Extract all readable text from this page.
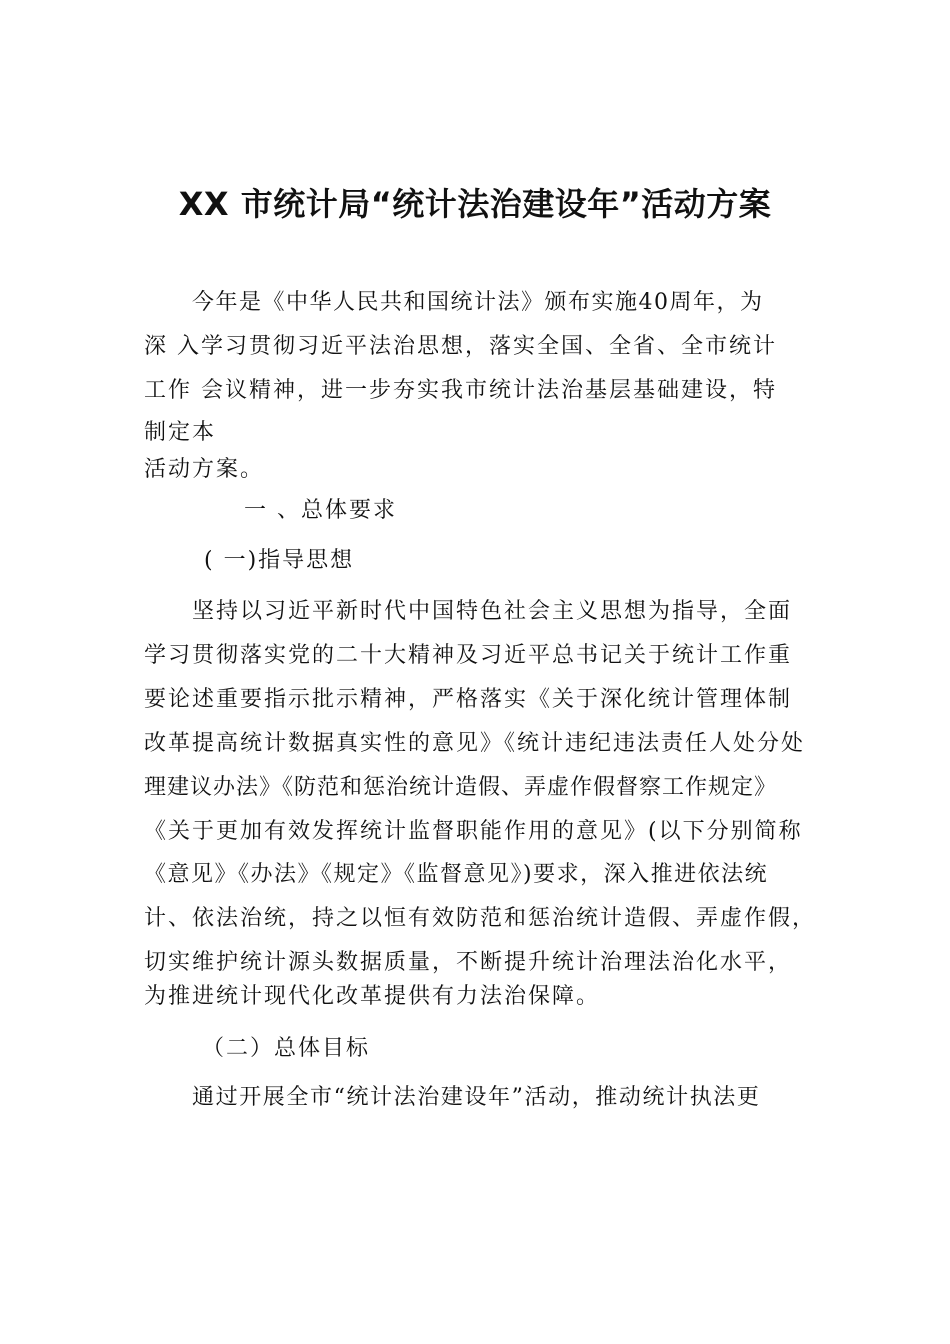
XX 市统计局“统计法治建设年”活动方案
今年是《中华人民共和国统计法》颁布实施40周年，为
深 入学习贯彻习近平法治思想，落实全国、全省、全市统计
工作 会议精神，进一步夯实我市统计法治基层基础建设，特
制定本
活动方案。
一 、总体要求
( 一)指导思想
坚持以习近平新时代中国特色社会主义思想为指导，全面
学习贯彻落实党的二十大精神及习近平总书记关于统计工作重
要论述重要指示批示精神，严格落实《关于深化统计管理体制
改革提高统计数据真实性的意见》《统计违纪违法责任人处分处
理建议办法》《防范和惩治统计造假、弄虚作假督察工作规定》
《关于更加有效发挥统计监督职能作用的意见》(以下分别简称
《意见》《办法》《规定》《监督意见》)要求，深入推进依法统
计、依法治统，持之以恒有效防范和惩治统计造假、弄虚作假，
切实维护统计源头数据质量，不断提升统计治理法治化水平，
为推进统计现代化改革提供有力法治保障。
（二）总体目标
通过开展全市“统计法治建设年”活动，推动统计执法更
